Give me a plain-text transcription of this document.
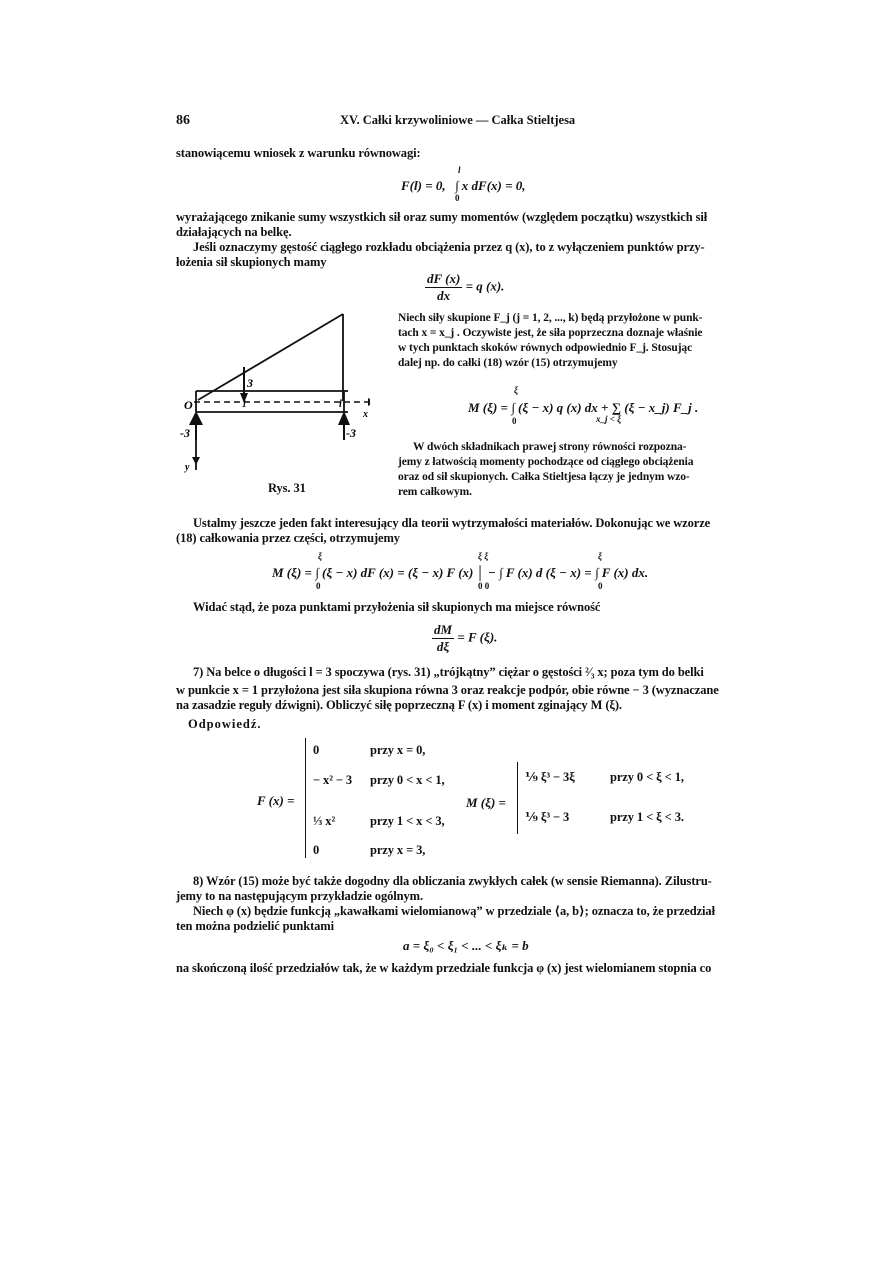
86	XV. Całki krzywoliniowe — Całka Stieltjesa
stanowiącemu wniosek z warunku równowagi:
F(l) = 0,
l
0
∫ x dF(x) = 0,
wyrażającego znikanie sumy wszystkich sił oraz sumy momentów (względem początku) wszystkich sił
działających na belkę.
Jeśli oznaczymy gęstość ciągłego rozkładu obciążenia przez q (x), to z wyłączeniem punktów przy-
łożenia sił skupionych mamy
$\frac{dF (x)}{dx} = q$ (x).
O
3
-3	-3
x
l
1
y
Rys. 31
Niech siły skupione F_j (j = 1, 2, ..., k) będą przyłożone w punk-
tach x = x_j . Oczywiste jest, że siła poprzeczna doznaje właśnie
w tych punktach skoków równych odpowiednio F_j. Stosując
dalej np. do całki (18) wzór (15) otrzymujemy
ξ
0	x_j < ξ
M (ξ) = ∫ (ξ − x) q (x) dx + ∑ (ξ − x_j) F_j .
W dwóch składnikach prawej strony równości rozpozna-
jemy z łatwością momenty pochodzące od ciągłego obciążenia
oraz od sił skupionych. Całka Stieltjesa łączy je jednym wzo-
rem całkowym.
Ustalmy jeszcze jeden fakt interesujący dla teorii wytrzymałości materiałów. Dokonując we wzorze
(18) całkowania przez części, otrzymujemy
ξ	ξ ξ	ξ
M (ξ) = ∫ (ξ − x) dF (x) = (ξ − x) F (x) │ − ∫ F (x) d (ξ − x) = ∫ F (x) dx.
0	0 0	0
Widać stąd, że poza punktami przyłożenia sił skupionych ma miejsce równość
$\frac{dM}{d\xi} = F$ (ξ).
7) Na belce o długości l = 3 spoczywa (rys. 31) „trójkątny” ciężar o gęstości ²⁄₃ x; poza tym do belki
w punkcie x = 1 przyłożona jest siła skupiona równa 3 oraz reakcje podpór, obie równe − 3 (wyznaczane
na zasadzie reguły dźwigni). Obliczyć siłę poprzeczną F (x) i moment zginający M (ξ).
Odpowiedź.
F (x) =
0	przy x = 0,
− x² − 3 przy 0 < x < 1,
⅓ x²	przy 1 < x < 3,
0	przy x = 3,
M (ξ) =
⅑ ξ³ − 3ξ	przy 0 < ξ < 1,
⅑ ξ³ − 3	przy 1 < ξ < 3.
8) Wzór (15) może być także dogodny dla obliczania zwykłych całek (w sensie Riemanna). Zilustru-
jemy to na następującym przykładzie ogólnym.
Niech φ (x) będzie funkcją „kawałkami wielomianową” w przedziale ⟨a, b⟩; oznacza to, że przedział
ten można podzielić punktami
a = ξ₀ < ξ₁ < ... < ξₖ = b
na skończoną ilość przedziałów tak, że w każdym przedziale funkcja φ (x) jest wielomianem stopnia co
